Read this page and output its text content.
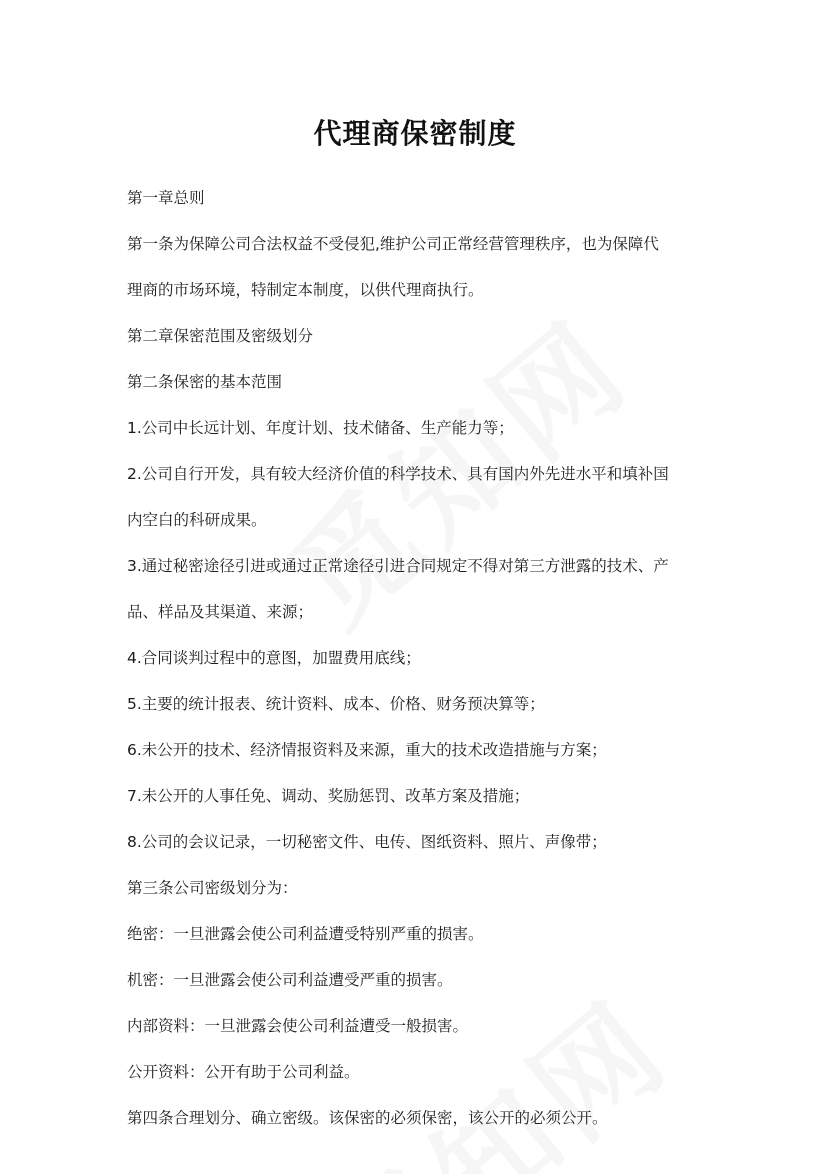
代理商保密制度
第一章总则
第一条为保障公司合法权益不受侵犯,维护公司正常经营管理秩序，也为保障代
理商的市场环境，特制定本制度，以供代理商执行。
第二章保密范围及密级划分
第二条保密的基本范围
1.公司中长远计划、年度计划、技术储备、生产能力等；
2.公司自行开发，具有较大经济价值的科学技术、具有国内外先进水平和填补国
内空白的科研成果。
3.通过秘密途径引进或通过正常途径引进合同规定不得对第三方泄露的技术、产
品、样品及其渠道、来源；
4.合同谈判过程中的意图，加盟费用底线；
5.主要的统计报表、统计资料、成本、价格、财务预决算等；
6.未公开的技术、经济情报资料及来源，重大的技术改造措施与方案；
7.未公开的人事任免、调动、奖励惩罚、改革方案及措施；
8.公司的会议记录，一切秘密文件、电传、图纸资料、照片、声像带；
第三条公司密级划分为：
绝密：一旦泄露会使公司利益遭受特别严重的损害。
机密：一旦泄露会使公司利益遭受严重的损害。
内部资料：一旦泄露会使公司利益遭受一般损害。
公开资料：公开有助于公司利益。
第四条合理划分、确立密级。该保密的必须保密，该公开的必须公开。
